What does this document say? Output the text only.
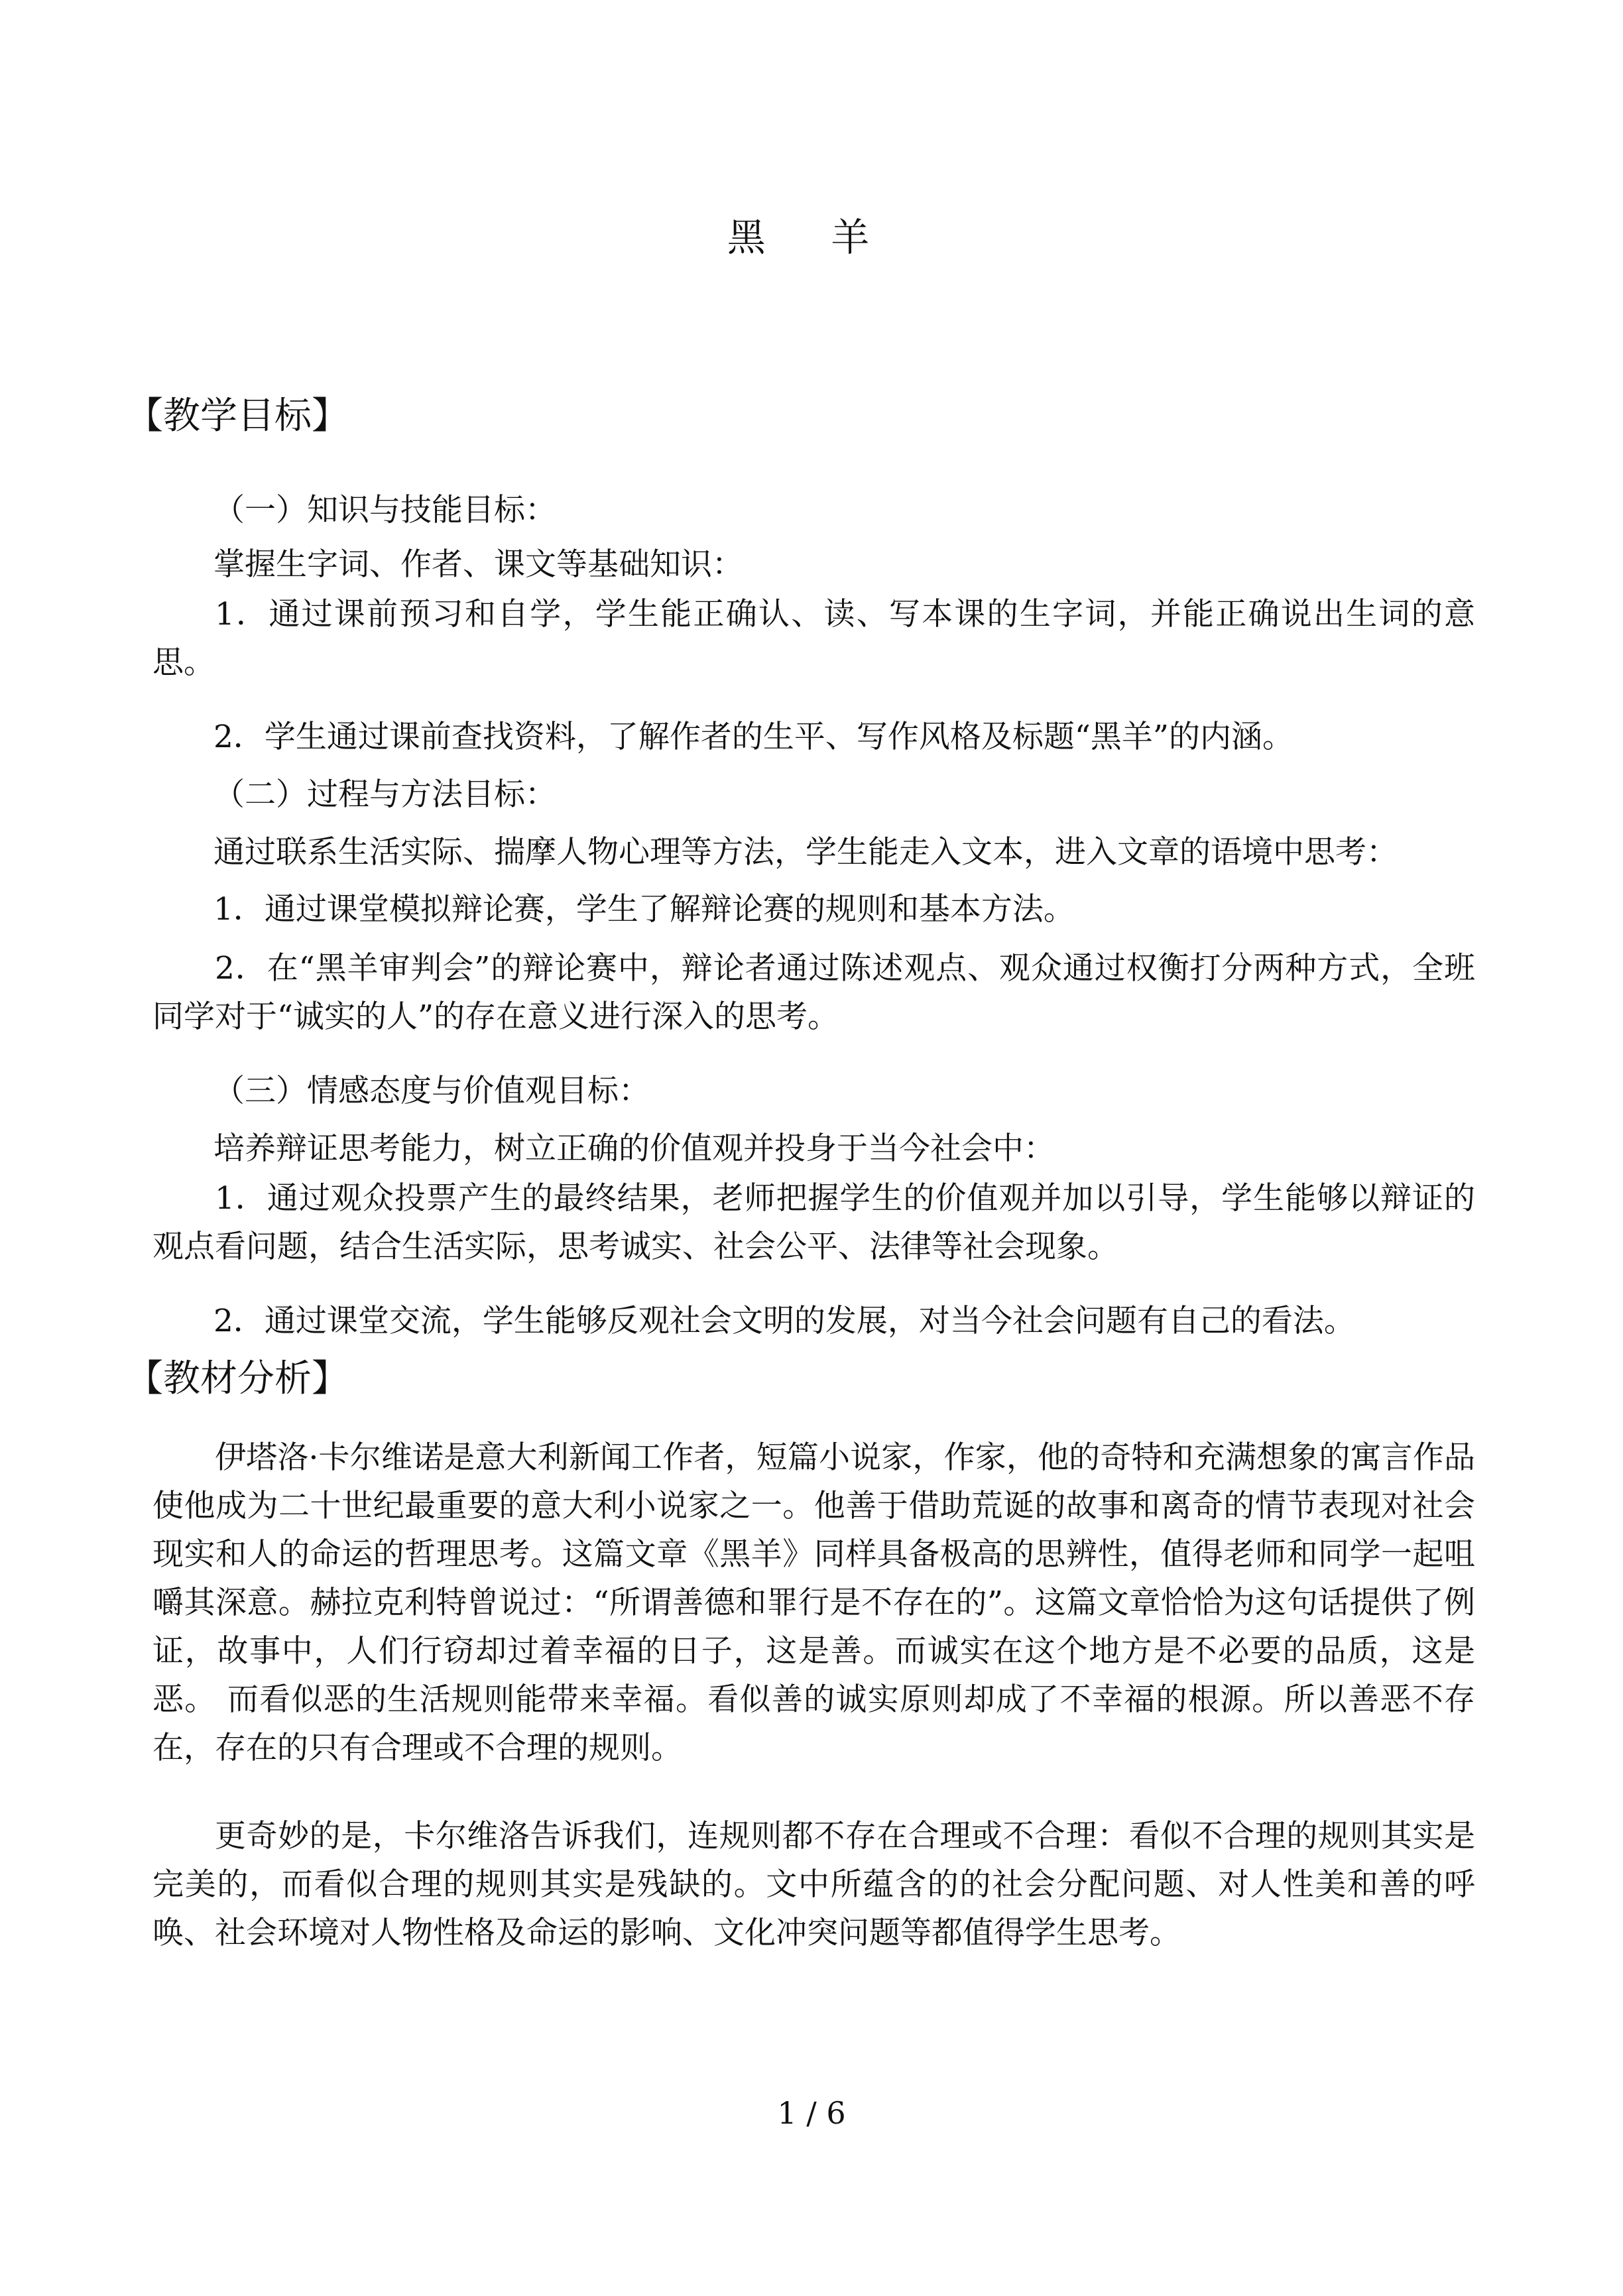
黑 羊
【教学目标】
（一）知识与技能目标：
掌握生字词、作者、课文等基础知识：
1．通过课前预习和自学，学生能正确认、读、写本课的生字词，并能正确说出生词的意思。
2．学生通过课前查找资料，了解作者的生平、写作风格及标题“黑羊”的内涵。
（二）过程与方法目标：
通过联系生活实际、揣摩人物心理等方法，学生能走入文本，进入文章的语境中思考：
1．通过课堂模拟辩论赛，学生了解辩论赛的规则和基本方法。
2．在“黑羊审判会”的辩论赛中，辩论者通过陈述观点、观众通过权衡打分两种方式，全班同学对于“诚实的人”的存在意义进行深入的思考。
（三）情感态度与价值观目标：
培养辩证思考能力，树立正确的价值观并投身于当今社会中：
1．通过观众投票产生的最终结果，老师把握学生的价值观并加以引导，学生能够以辩证的观点看问题，结合生活实际，思考诚实、社会公平、法律等社会现象。
2．通过课堂交流，学生能够反观社会文明的发展，对当今社会问题有自己的看法。
【教材分析】
伊塔洛·卡尔维诺是意大利新闻工作者，短篇小说家，作家，他的奇特和充满想象的寓言作品使他成为二十世纪最重要的意大利小说家之一。他善于借助荒诞的故事和离奇的情节表现对社会现实和人的命运的哲理思考。这篇文章《黑羊》同样具备极高的思辨性，值得老师和同学一起咀嚼其深意。赫拉克利特曾说过：“所谓善德和罪行是不存在的”。这篇文章恰恰为这句话提供了例证，故事中，人们行窃却过着幸福的日子，这是善。而诚实在这个地方是不必要的品质，这是恶。 而看似恶的生活规则能带来幸福。看似善的诚实原则却成了不幸福的根源。所以善恶不存在，存在的只有合理或不合理的规则。
更奇妙的是，卡尔维洛告诉我们，连规则都不存在合理或不合理：看似不合理的规则其实是完美的，而看似合理的规则其实是残缺的。文中所蕴含的的社会分配问题、对人性美和善的呼唤、社会环境对人物性格及命运的影响、文化冲突问题等都值得学生思考。
1 / 6
